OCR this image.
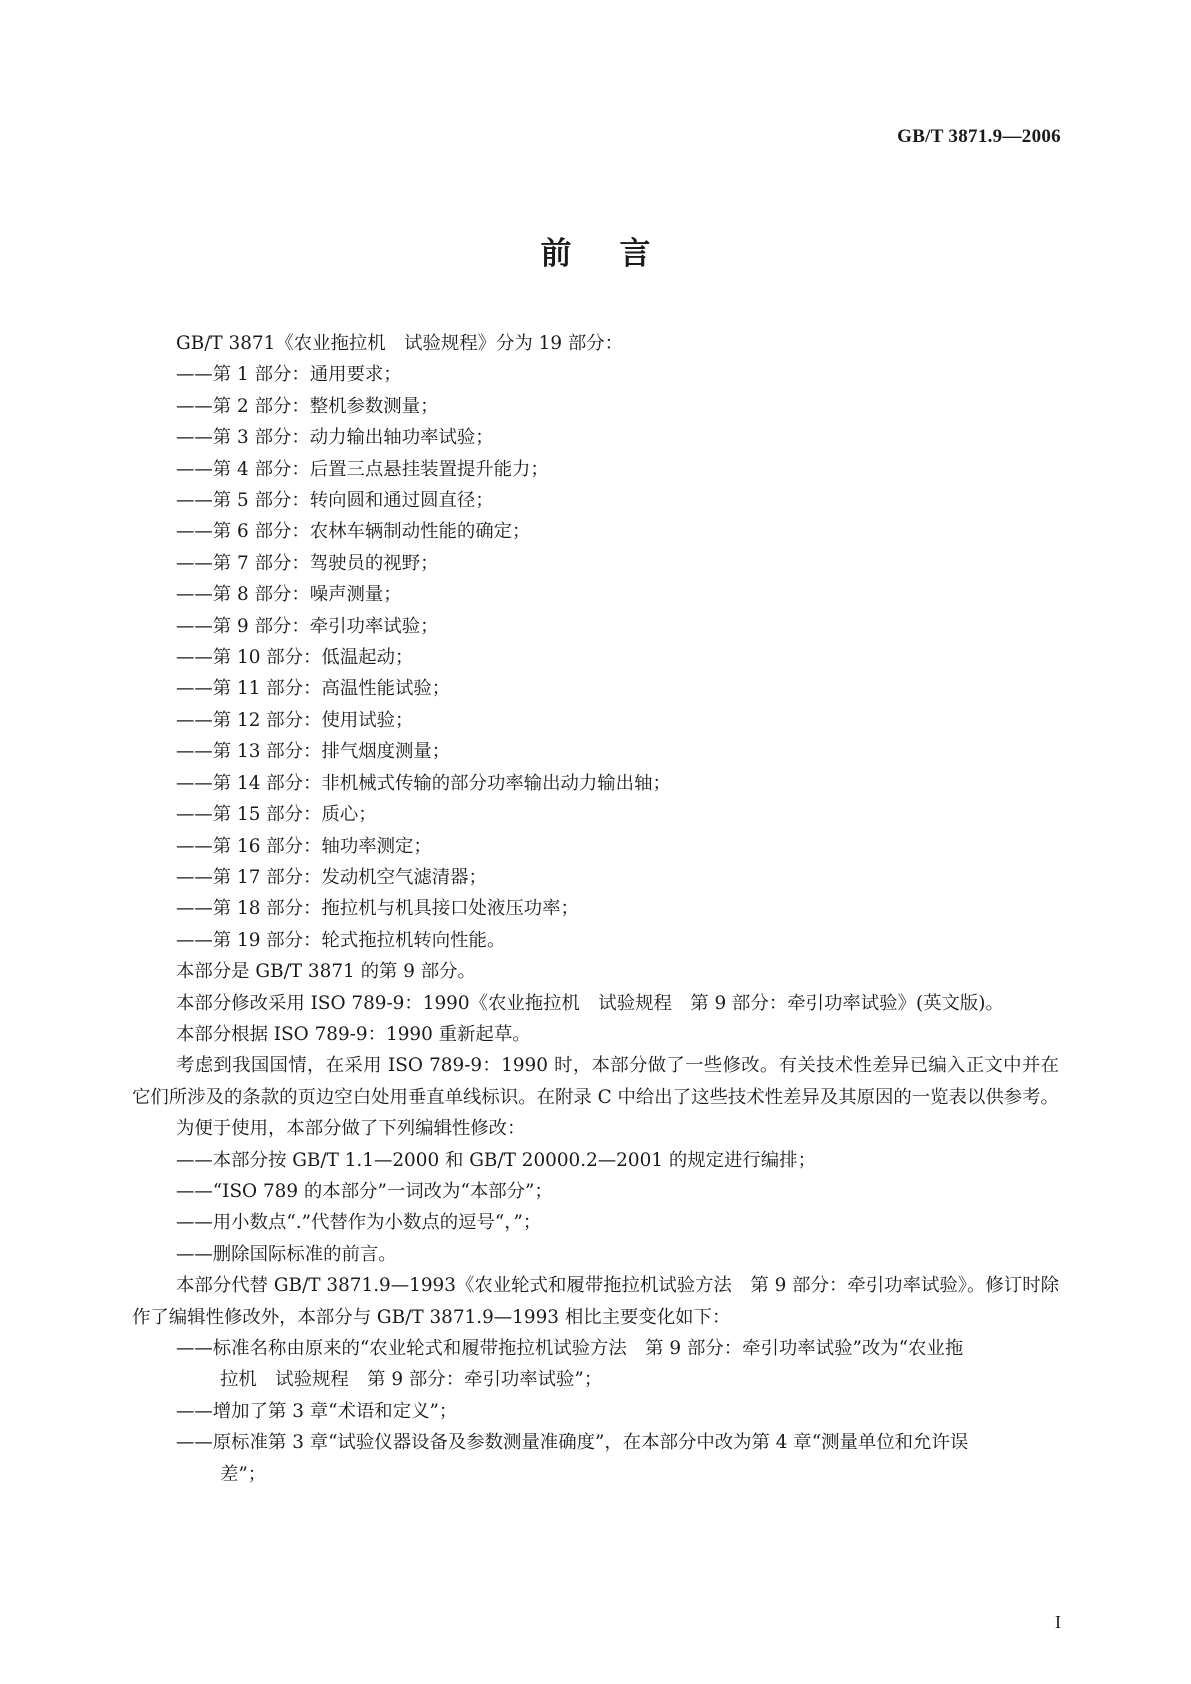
GB/T 3871.9—2006
前言
GB/T 3871《农业拖拉机　试验规程》分为 19 部分：
——第 1 部分：通用要求；
——第 2 部分：整机参数测量；
——第 3 部分：动力输出轴功率试验；
——第 4 部分：后置三点悬挂装置提升能力；
——第 5 部分：转向圆和通过圆直径；
——第 6 部分：农林车辆制动性能的确定；
——第 7 部分：驾驶员的视野；
——第 8 部分：噪声测量；
——第 9 部分：牵引功率试验；
——第 10 部分：低温起动；
——第 11 部分：高温性能试验；
——第 12 部分：使用试验；
——第 13 部分：排气烟度测量；
——第 14 部分：非机械式传输的部分功率输出动力输出轴；
——第 15 部分：质心；
——第 16 部分：轴功率测定；
——第 17 部分：发动机空气滤清器；
——第 18 部分：拖拉机与机具接口处液压功率；
——第 19 部分：轮式拖拉机转向性能。
本部分是 GB/T 3871 的第 9 部分。
本部分修改采用 ISO 789-9：1990《农业拖拉机　试验规程　第 9 部分：牵引功率试验》(英文版)。
本部分根据 ISO 789-9：1990 重新起草。
考虑到我国国情，在采用 ISO 789-9：1990 时，本部分做了一些修改。有关技术性差异已编入正文中并在它们所涉及的条款的页边空白处用垂直单线标识。在附录 C 中给出了这些技术性差异及其原因的一览表以供参考。
为便于使用，本部分做了下列编辑性修改：
——本部分按 GB/T 1.1—2000 和 GB/T 20000.2—2001 的规定进行编排；
——“ISO 789 的本部分”一词改为“本部分”；
——用小数点“.”代替作为小数点的逗号“，”；
——删除国际标准的前言。
本部分代替 GB/T 3871.9—1993《农业轮式和履带拖拉机试验方法　第 9 部分：牵引功率试验》。修订时除作了编辑性修改外，本部分与 GB/T 3871.9—1993 相比主要变化如下：
——标准名称由原来的“农业轮式和履带拖拉机试验方法　第 9 部分：牵引功率试验”改为“农业拖
拉机　试验规程　第 9 部分：牵引功率试验”；
——增加了第 3 章“术语和定义”；
——原标准第 3 章“试验仪器设备及参数测量准确度”，在本部分中改为第 4 章“测量单位和允许误
差”；
I
